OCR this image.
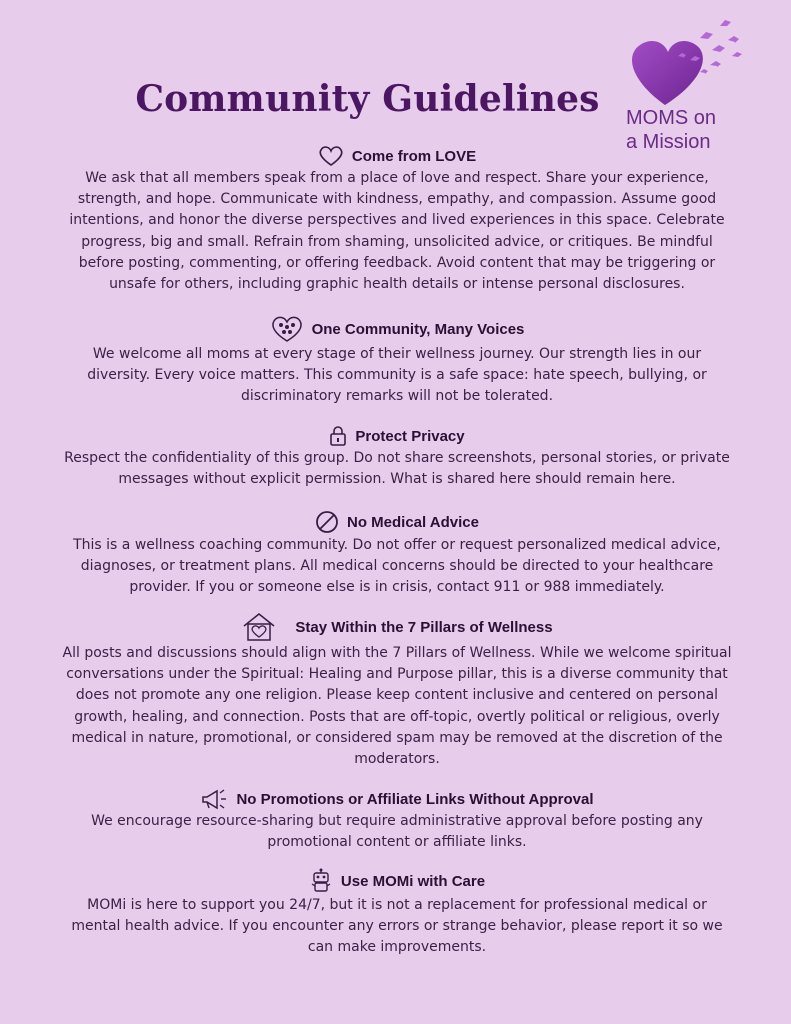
Community Guidelines	MOMS on
a Mission
Come from LOVE
We ask that all members speak from a place of love and respect. Share your experience, strength, and hope. Communicate with kindness, empathy, and compassion. Assume good intentions, and honor the diverse perspectives and lived experiences in this space. Celebrate progress, big and small. Refrain from shaming, unsolicited advice, or critiques. Be mindful before posting, commenting, or offering feedback. Avoid content that may be triggering or unsafe for others, including graphic health details or intense personal disclosures.
One Community, Many Voices
We welcome all moms at every stage of their wellness journey. Our strength lies in our diversity. Every voice matters. This community is a safe space: hate speech, bullying, or discriminatory remarks will not be tolerated.
Protect Privacy
Respect the confidentiality of this group. Do not share screenshots, personal stories, or private messages without explicit permission. What is shared here should remain here.
No Medical Advice
This is a wellness coaching community. Do not offer or request personalized medical advice, diagnoses, or treatment plans. All medical concerns should be directed to your healthcare provider. If you or someone else is in crisis, contact 911 or 988 immediately.
Stay Within the 7 Pillars of Wellness
All posts and discussions should align with the 7 Pillars of Wellness. While we welcome spiritual conversations under the Spiritual: Healing and Purpose pillar, this is a diverse community that does not promote any one religion. Please keep content inclusive and centered on personal growth, healing, and connection. Posts that are off-topic, overtly political or religious, overly medical in nature, promotional, or considered spam may be removed at the discretion of the moderators.
No Promotions or Affiliate Links Without Approval
We encourage resource-sharing but require administrative approval before posting any promotional content or affiliate links.
Use MOMi with Care
MOMi is here to support you 24/7, but it is not a replacement for professional medical or mental health advice. If you encounter any errors or strange behavior, please report it so we can make improvements.
